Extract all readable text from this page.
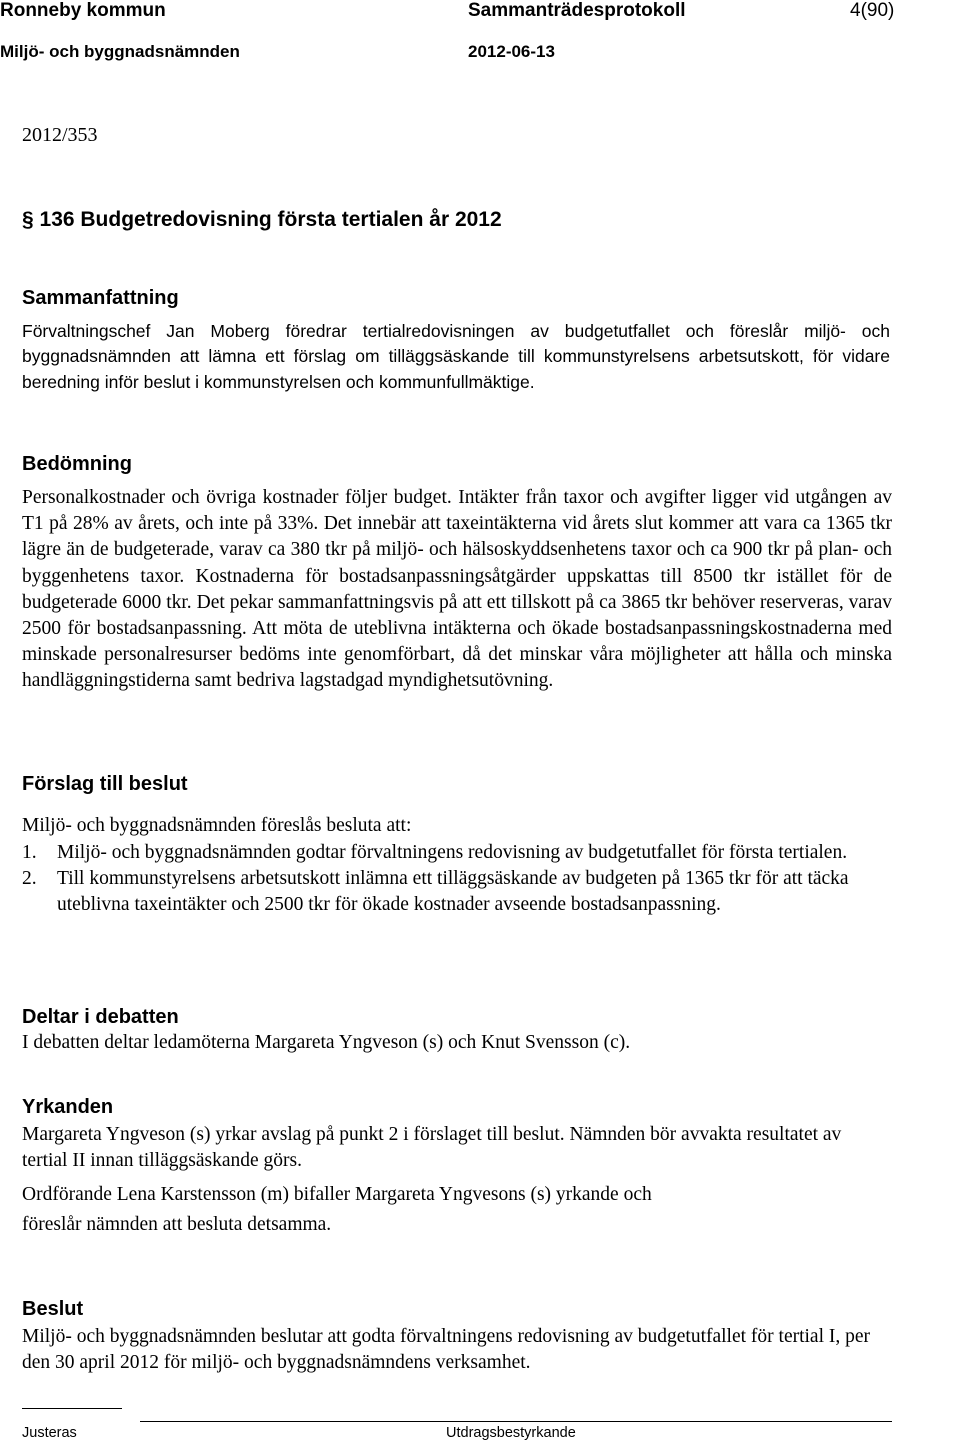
Ronneby kommun	Sammanträdesprotokoll	4(90)
Miljö- och byggnadsnämnden	2012-06-13
2012/353
§ 136 Budgetredovisning första tertialen år 2012
Sammanfattning

Förvaltningschef Jan Moberg föredrar tertialredovisningen av budgetutfallet och föreslår miljö- och byggnadsnämnden att lämna ett förslag om tilläggsäskande till kommunstyrelsens arbetsutskott, för vidare beredning inför beslut i kommunstyrelsen och kommunfullmäktige.

Bedömning

Personalkostnader och övriga kostnader följer budget. Intäkter från taxor och avgifter ligger vid utgången av T1 på 28% av årets, och inte på 33%. Det innebär att taxeintäkterna vid årets slut kommer att vara ca 1365 tkr lägre än de budgeterade, varav ca 380 tkr på miljö- och hälsoskyddsenhetens taxor och ca 900 tkr på plan- och byggenhetens taxor. Kostnaderna för bostadsanpassningsåtgärder uppskattas till 8500 tkr istället för de budgeterade 6000 tkr. Det pekar sammanfattningsvis på att ett tillskott på ca 3865 tkr behöver reserveras, varav 2500 för bostadsanpassning. Att möta de uteblivna intäkterna och ökade bostadsanpassningskostnaderna med minskade personalresurser bedöms inte genomförbart, då det minskar våra möjligheter att hålla och minska handläggningstiderna samt bedriva lagstadgad myndighetsutövning.

Förslag till beslut
Miljö- och byggnadsnämnden föreslås besluta att:
1. Miljö- och byggnadsnämnden godtar förvaltningens redovisning av budgetutfallet för första tertialen.
2. Till kommunstyrelsens arbetsutskott inlämna ett tilläggsäskande av budgeten på 1365 tkr för att täcka uteblivna taxeintäkter och 2500 tkr för ökade kostnader avseende bostadsanpassning.
Deltar i debatten
I debatten deltar ledamöterna Margareta Yngveson (s) och Knut Svensson (c).
Yrkanden

Margareta Yngveson (s) yrkar avslag på punkt 2 i förslaget till beslut. Nämnden bör avvakta resultatet av tertial II innan tilläggsäskande görs.

Ordförande Lena Karstensson (m) bifaller Margareta Yngvesons (s) yrkande och
föreslår nämnden att besluta detsamma.
Beslut

Miljö- och byggnadsnämnden beslutar att godta förvaltningens redovisning av budgetutfallet för tertial I, per den 30 april 2012 för miljö- och byggnadsnämndens verksamhet.

Justeras	Utdragsbestyrkande
